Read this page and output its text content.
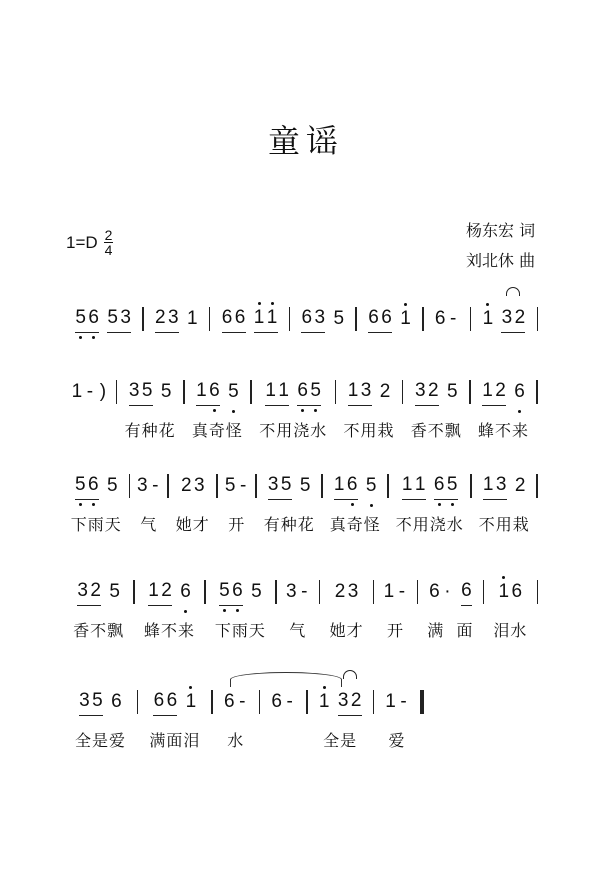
童谣
$1=D \frac{2}{4}$	杨东宏 词
刘北休 曲
5 6 5 3 2 3 1 6 6 1 1 6 3 5 6 6 1 6 - 1 3 2
1 - ) 3 5 5
有种花
1 6 5
真奇怪
1 1 6 5
不用浇水
1 3 2
不用栽
3 2 5
香不飘
1 2 6
蜂不来
5 6 5
下雨天
3 -
气
2 3
她才
5 -
开
3 5 5
有种花
1 6 5
真奇怪
1 1 6 5
不用浇水
1 3 2
不用栽
3 2 5
香不飘
1 2 6
蜂不来
5 6 5
下雨天
3 -
气
2 3
她才
1 -
开
6 · 6
满  面
1 6
泪水
3 5 6
全是爱
6 6 1
满面泪
6 -
水
6 - 1 3 2
全是
1 -
爱
